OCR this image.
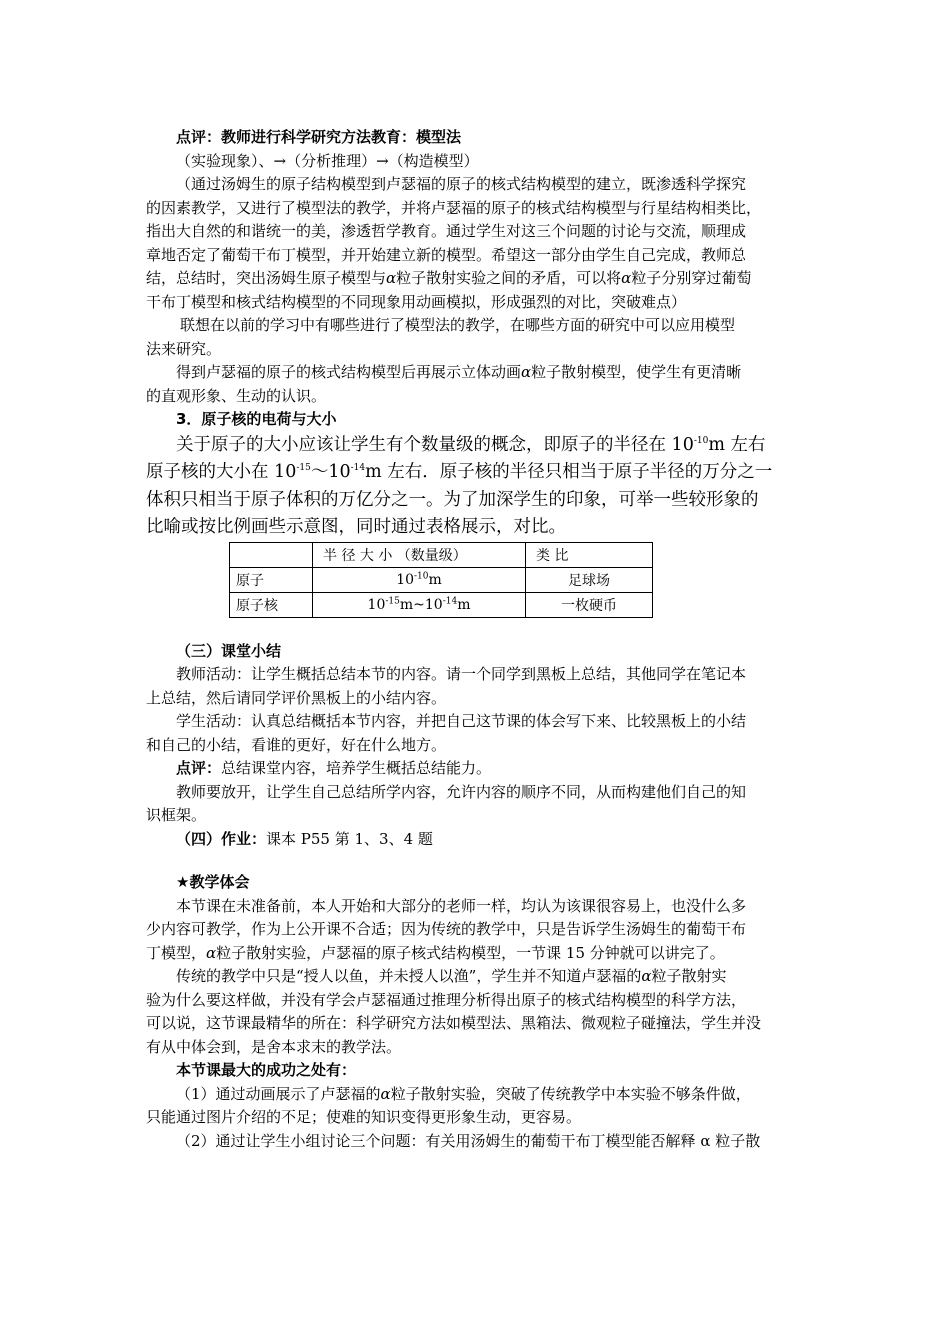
点评：教师进行科学研究方法教育：模型法
（实验现象）、→（分析推理）→（构造模型）
（通过汤姆生的原子结构模型到卢瑟福的原子的核式结构模型的建立，既渗透科学探究
的因素教学，又进行了模型法的教学，并将卢瑟福的原子的核式结构模型与行星结构相类比，
指出大自然的和谐统一的美，渗透哲学教育。通过学生对这三个问题的讨论与交流，顺理成
章地否定了葡萄干布丁模型，并开始建立新的模型。希望这一部分由学生自己完成，教师总
结，总结时，突出汤姆生原子模型与α粒子散射实验之间的矛盾，可以将α粒子分别穿过葡萄
干布丁模型和核式结构模型的不同现象用动画模拟，形成强烈的对比，突破难点）
联想在以前的学习中有哪些进行了模型法的教学，在哪些方面的研究中可以应用模型
法来研究。
得到卢瑟福的原子的核式结构模型后再展示立体动画α粒子散射模型，使学生有更清晰
的直观形象、生动的认识。
3．原子核的电荷与大小
关于原子的大小应该让学生有个数量级的概念，即原子的半径在 $10^{-10}m$ 左右
原子核的大小在 $10^{-15}\sim 10^{-14}m$ 左右．原子核的半径只相当于原子半径的万分之一
体积只相当于原子体积的万亿分之一。为了加深学生的印象，可举一些较形象的
比喻或按比例画些示意图，同时通过表格展示，对比。
	半 径 大 小 （数量级）	类 比
原子	$10^{-10}m$	足球场
原子核	$10^{-15}m\sim 10^{-14}m$	一枚硬币
（三）课堂小结
教师活动：让学生概括总结本节的内容。请一个同学到黑板上总结，其他同学在笔记本
上总结，然后请同学评价黑板上的小结内容。
学生活动：认真总结概括本节内容，并把自己这节课的体会写下来、比较黑板上的小结
和自己的小结，看谁的更好，好在什么地方。
点评：总结课堂内容，培养学生概括总结能力。
教师要放开，让学生自己总结所学内容，允许内容的顺序不同，从而构建他们自己的知
识框架。
（四）作业：课本 P55 第 1、3、4 题
★教学体会
本节课在未准备前，本人开始和大部分的老师一样，均认为该课很容易上，也没什么多
少内容可教学，作为上公开课不合适；因为传统的教学中，只是告诉学生汤姆生的葡萄干布
丁模型，α粒子散射实验，卢瑟福的原子核式结构模型，一节课 15 分钟就可以讲完了。
传统的教学中只是“授人以鱼，并未授人以渔”，学生并不知道卢瑟福的α粒子散射实
验为什么要这样做，并没有学会卢瑟福通过推理分析得出原子的核式结构模型的科学方法，
可以说，这节课最精华的所在：科学研究方法如模型法、黑箱法、微观粒子碰撞法，学生并没
有从中体会到，是舍本求末的教学法。
本节课最大的成功之处有：
（1）通过动画展示了卢瑟福的α粒子散射实验，突破了传统教学中本实验不够条件做，
只能通过图片介绍的不足；使难的知识变得更形象生动，更容易。
（2）通过让学生小组讨论三个问题：有关用汤姆生的葡萄干布丁模型能否解释 α 粒子散
